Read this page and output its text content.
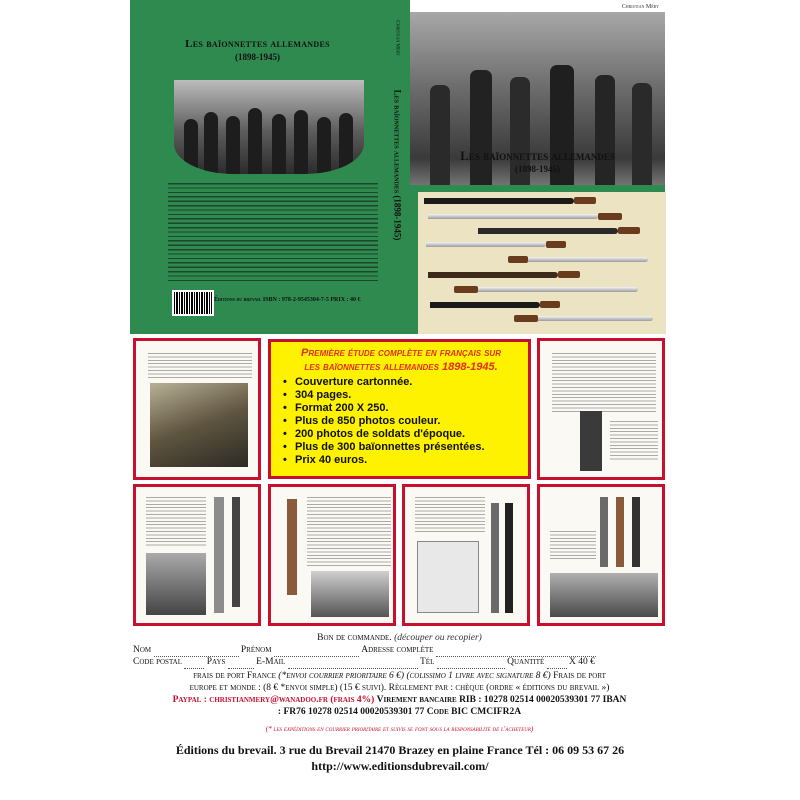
Les baïonnettes allemandes
(1898-1945)
Éditions du brevail ISBN : 978-2-9545304-7-5 PRIX : 40 €
Christian Méry
Les baïonnettes allemandes (1898-1945)
Christian Méry
Les baïonnettes allemandes
(1898-1945)
Première étude complète en français sur
les baïonnettes allemandes 1898-1945.
• Couverture cartonnée.
• 304 pages.
• Format 200 X 250.
• Plus de 850 photos couleur.
• 200 photos de soldats d'époque.
• Plus de 300 baïonnettes présentées.
• Prix 40 euros.
Bon de commande. (découper ou recopier)
Nom	Prénom	Adresse complète
Code postal	Pays	E-Mail	Tél	Quantité	X 40 €
frais de port France (*envoi courrier prioritaire 6 €) (colissimo 1 livre avec signature 8 €) Frais de port
europe et monde : (8 € *envoi simple) (15 € suivi). Règlement par : chèque (ordre « éditions du brevail »)
Paypal : christianmery@wanadoo.fr (frais 4%) Virement bancaire RIB : 10278 02514 00020539301 77 IBAN
: FR76 10278 02514 00020539301 77 Code BIC CMCIFR2A
(* les expéditions en courrier prioritaire et suivis se font sous la responsabilité de l'acheteur)
Éditions du brevail. 3 rue du Brevail 21470 Brazey en plaine France Tél : 06 09 53 67 26
http://www.editionsdubrevail.com/
